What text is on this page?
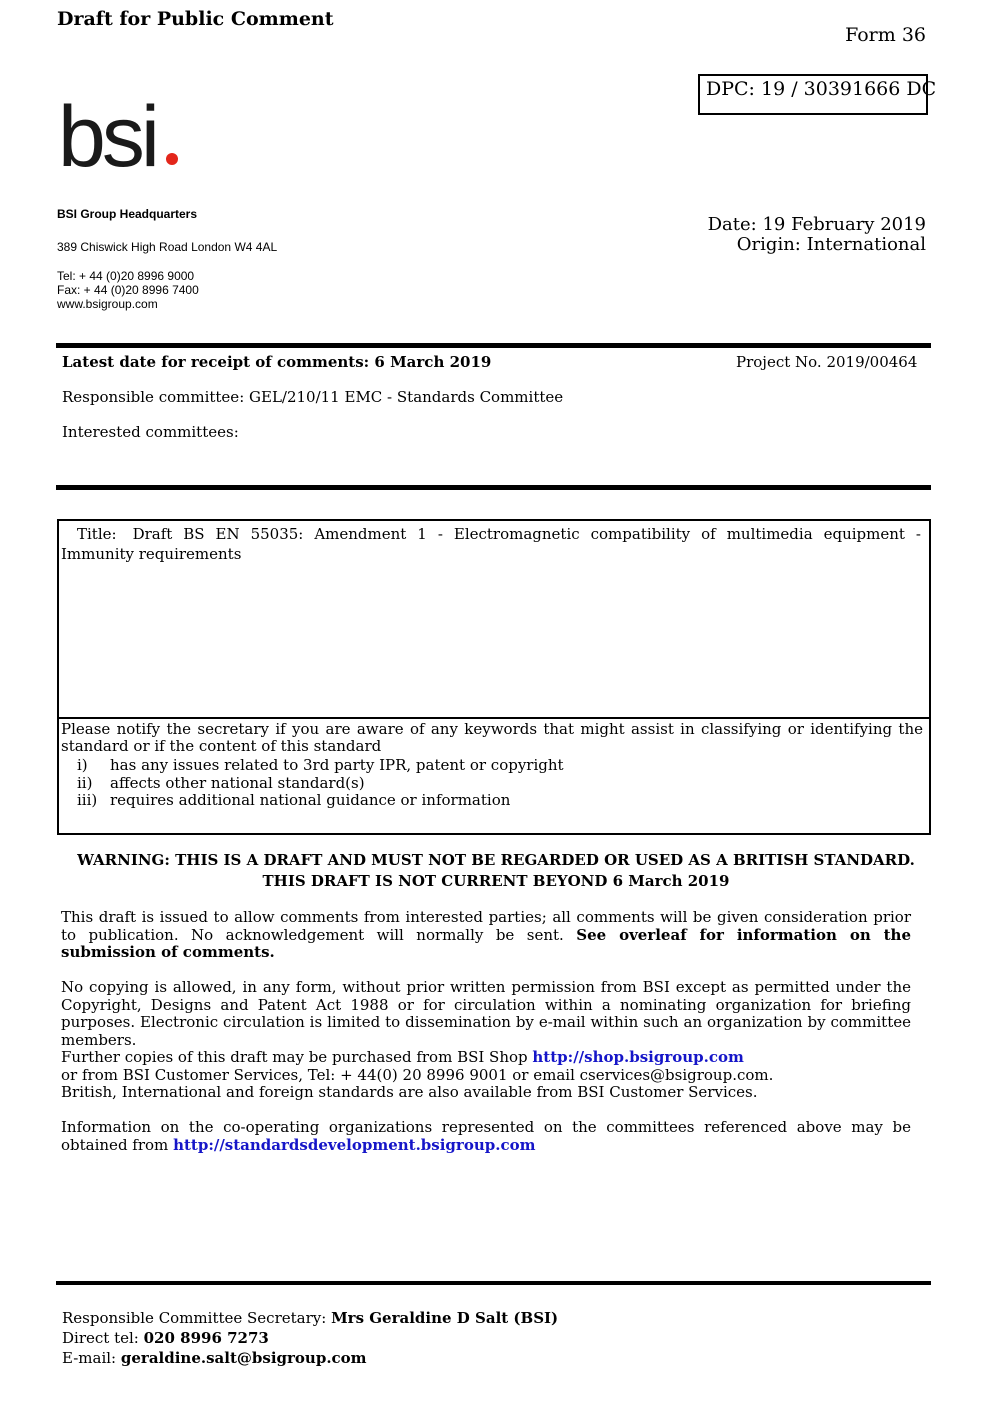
Draft for Public Comment
Form 36
DPC: 19 / 30391666 DC
bsi
BSI Group Headquarters
389 Chiswick High Road London W4 4AL
Tel: + 44 (0)20 8996 9000
Fax: + 44 (0)20 8996 7400
www.bsigroup.com
Date: 19 February 2019
Origin: International
Latest date for receipt of comments: 6 March 2019	Project No. 2019/00464
Responsible committee: GEL/210/11 EMC - Standards Committee
Interested committees:
Title: Draft BS EN 55035: Amendment 1 - Electromagnetic compatibility of multimedia equipment - Immunity requirements
Please notify the secretary if you are aware of any keywords that might assist in classifying or identifying the standard or if the content of this standard
i) has any issues related to 3rd party IPR, patent or copyright
ii) affects other national standard(s)
iii) requires additional national guidance or information
WARNING: THIS IS A DRAFT AND MUST NOT BE REGARDED OR USED AS A BRITISH STANDARD.
THIS DRAFT IS NOT CURRENT BEYOND 6 March 2019
This draft is issued to allow comments from interested parties; all comments will be given consideration prior to publication. No acknowledgement will normally be sent. See overleaf for information on the submission of comments.
No copying is allowed, in any form, without prior written permission from BSI except as permitted under the Copyright, Designs and Patent Act 1988 or for circulation within a nominating organization for briefing purposes. Electronic circulation is limited to dissemination by e-mail within such an organization by committee members.
Further copies of this draft may be purchased from BSI Shop http://shop.bsigroup.com
or from BSI Customer Services, Tel: + 44(0) 20 8996 9001 or email cservices@bsigroup.com.
British, International and foreign standards are also available from BSI Customer Services.
Information on the co-operating organizations represented on the committees referenced above may be obtained from http://standardsdevelopment.bsigroup.com
Responsible Committee Secretary: Mrs Geraldine D Salt (BSI)
Direct tel: 020 8996 7273
E-mail: geraldine.salt@bsigroup.com
